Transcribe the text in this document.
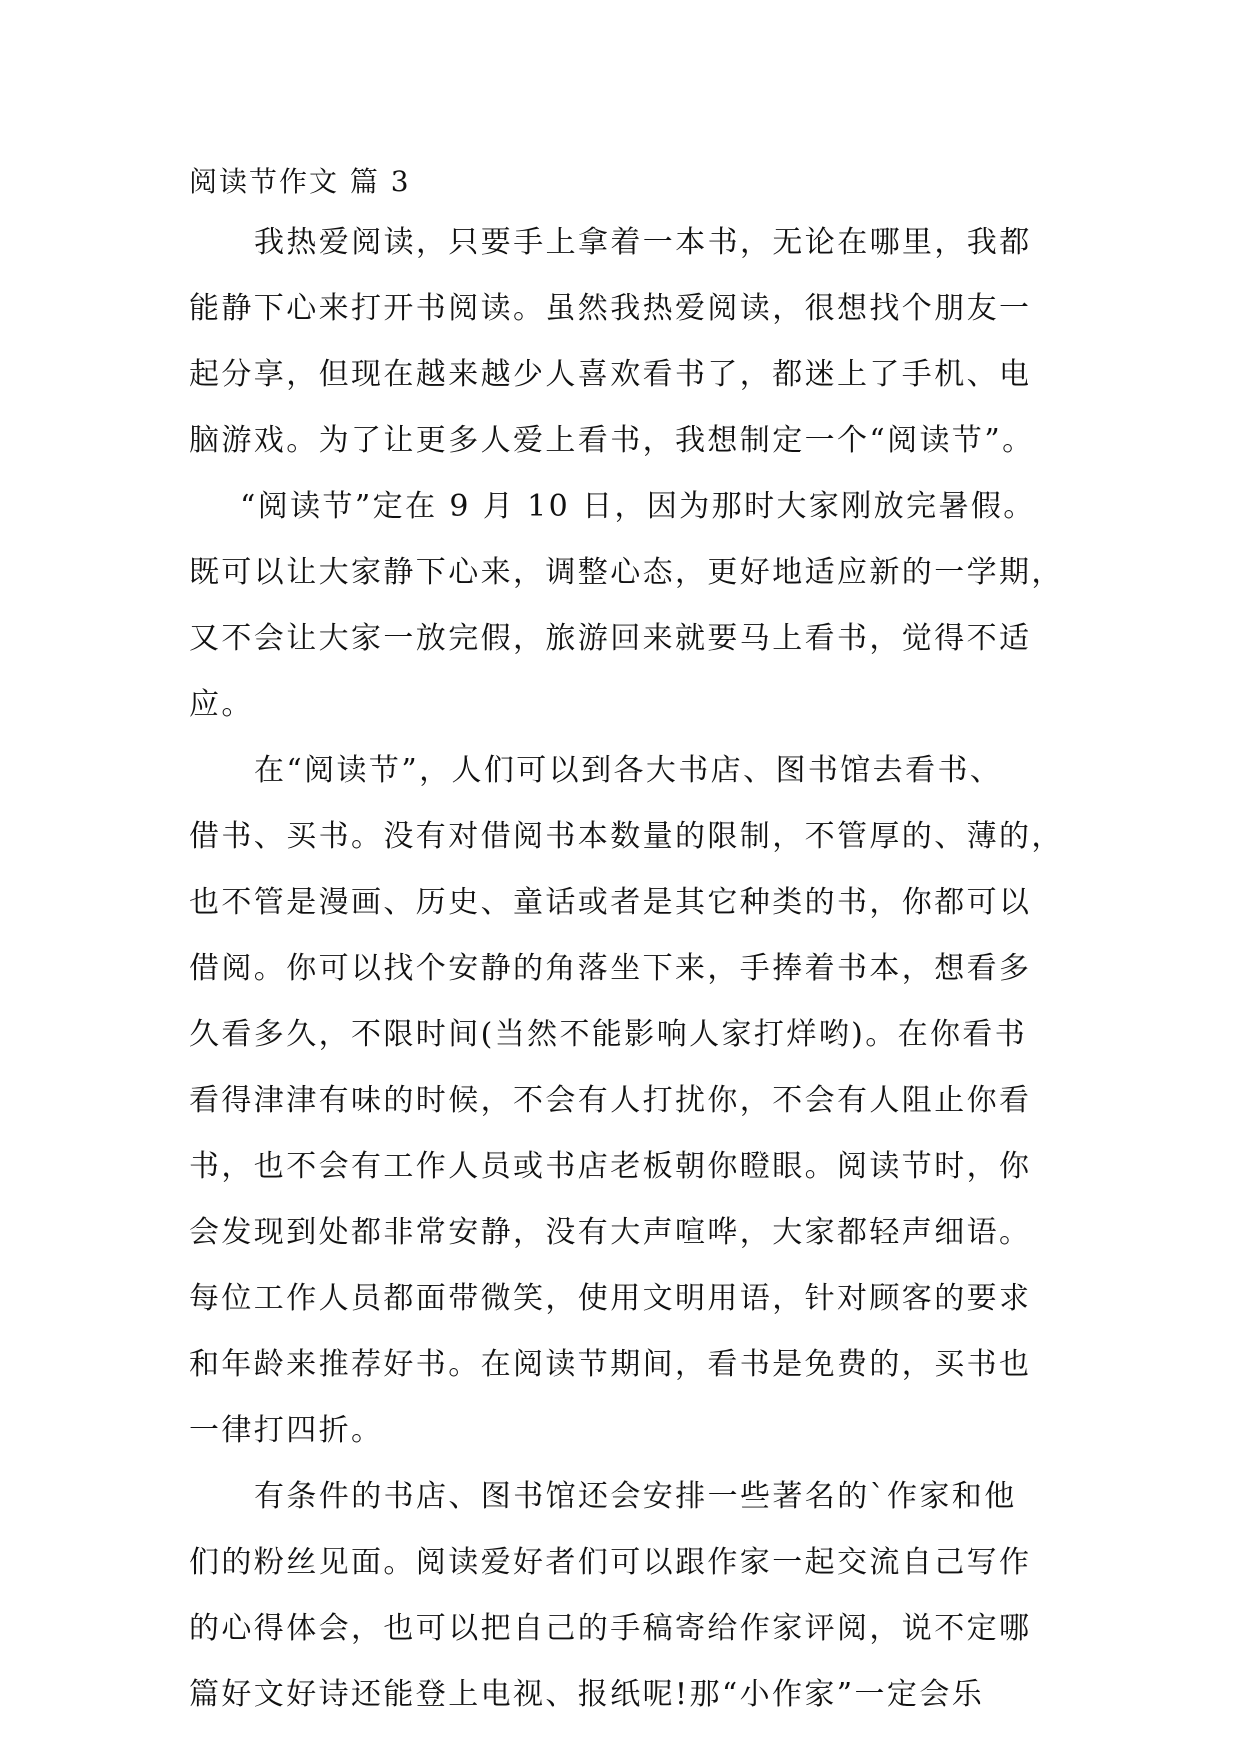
阅读节作文 篇 3
我热爱阅读，只要手上拿着一本书，无论在哪里，我都
能静下心来打开书阅读。虽然我热爱阅读，很想找个朋友一
起分享，但现在越来越少人喜欢看书了，都迷上了手机、电
脑游戏。为了让更多人爱上看书，我想制定一个“阅读节”。
“阅读节”定在 9 月 10 日，因为那时大家刚放完暑假。
既可以让大家静下心来，调整心态，更好地适应新的一学期，
又不会让大家一放完假，旅游回来就要马上看书，觉得不适
应。
在“阅读节”，人们可以到各大书店、图书馆去看书、
借书、买书。没有对借阅书本数量的限制，不管厚的、薄的，
也不管是漫画、历史、童话或者是其它种类的书，你都可以
借阅。你可以找个安静的角落坐下来，手捧着书本，想看多
久看多久，不限时间(当然不能影响人家打烊哟)。在你看书
看得津津有味的时候，不会有人打扰你，不会有人阻止你看
书，也不会有工作人员或书店老板朝你瞪眼。阅读节时，你
会发现到处都非常安静，没有大声喧哗，大家都轻声细语。
每位工作人员都面带微笑，使用文明用语，针对顾客的要求
和年龄来推荐好书。在阅读节期间，看书是免费的，买书也
一律打四折。
有条件的书店、图书馆还会安排一些著名的`作家和他
们的粉丝见面。阅读爱好者们可以跟作家一起交流自己写作
的心得体会，也可以把自己的手稿寄给作家评阅，说不定哪
篇好文好诗还能登上电视、报纸呢!那“小作家”一定会乐
